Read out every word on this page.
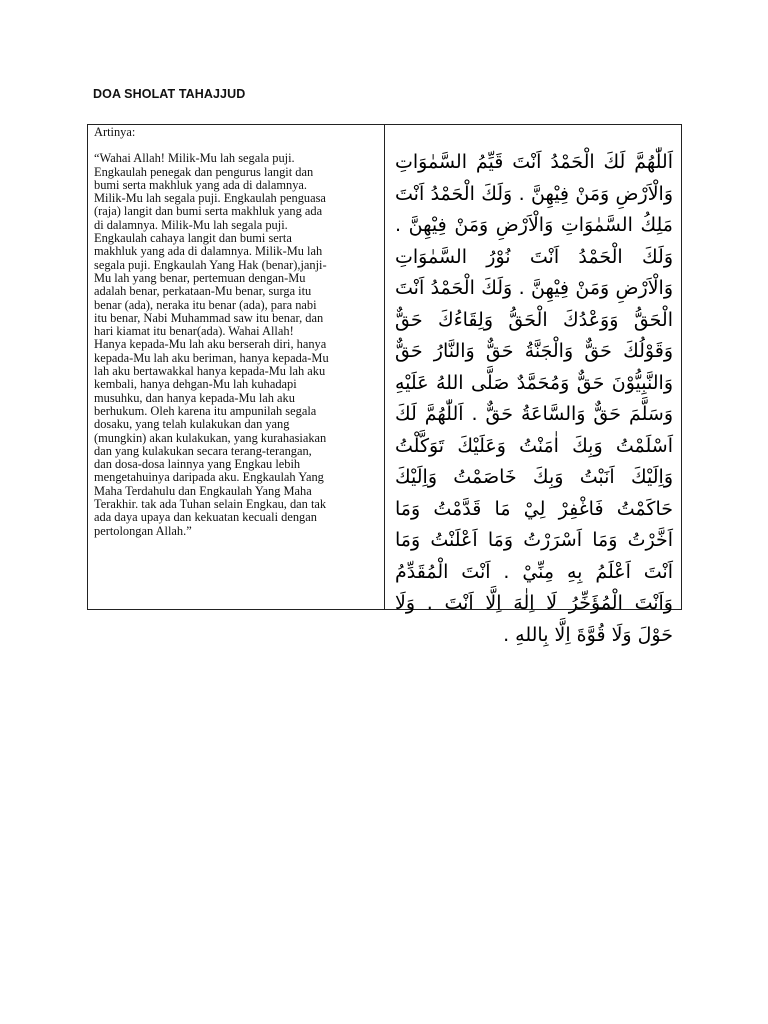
DOA SHOLAT TAHAJJUD
Artinya:
“Wahai Allah! Milik-Mu lah segala puji.
Engkaulah penegak dan pengurus langit dan
bumi serta makhluk yang ada di dalamnya.
Milik-Mu lah segala puji. Engkaulah penguasa
(raja) langit dan bumi serta makhluk yang ada
di dalamnya. Milik-Mu lah segala puji.
Engkaulah cahaya langit dan bumi serta
makhluk yang ada di dalamnya. Milik-Mu lah
segala puji. Engkaulah Yang Hak (benar),janji-
Mu lah yang benar, pertemuan dengan-Mu
adalah benar, perkataan-Mu benar, surga itu
benar (ada), neraka itu benar (ada), para nabi
itu benar, Nabi Muhammad saw itu benar, dan
hari kiamat itu benar(ada). Wahai Allah!
Hanya kepada-Mu lah aku berserah diri, hanya
kepada-Mu lah aku beriman, hanya kepada-Mu
lah aku bertawakkal hanya kepada-Mu lah aku
kembali, hanya dehgan-Mu lah kuhadapi
musuhku, dan hanya kepada-Mu lah aku
berhukum. Oleh karena itu ampunilah segala
dosaku, yang telah kulakukan dan yang
(mungkin) akan kulakukan, yang kurahasiakan
dan yang kulakukan secara terang-terangan,
dan dosa-dosa lainnya yang Engkau lebih
mengetahuinya daripada aku. Engkaulah Yang
Maha Terdahulu dan Engkaulah Yang Maha
Terakhir. tak ada Tuhan selain Engkau, dan tak
ada daya upaya dan kekuatan kecuali dengan
pertolongan Allah.”
اَللّٰهُمَّ لَكَ الْحَمْدُ اَنْتَ قَيِّمُ السَّمٰوَاتِ وَالْاَرْضِ وَمَنْ فِيْهِنَّ . وَلَكَ الْحَمْدُ اَنْتَ مَلِكُ السَّمٰوَاتِ وَالْاَرْضِ وَمَنْ فِيْهِنَّ . وَلَكَ الْحَمْدُ اَنْتَ نُوْرُ السَّمٰوَاتِ وَالْاَرْضِ وَمَنْ فِيْهِنَّ . وَلَكَ الْحَمْدُ اَنْتَ الْحَقُّ وَوَعْدُكَ الْحَقُّ وَلِقَاءُكَ حَقٌّ وَقَوْلُكَ حَقٌّ وَالْجَنَّةُ حَقٌّ وَالنَّارُ حَقٌّ وَالنَّبِيُّوْنَ حَقٌّ وَمُحَمَّدٌ صَلَّى اللهُ عَلَيْهِ وَسَلَّمَ حَقٌّ وَالسَّاعَةُ حَقٌّ . اَللّٰهُمَّ لَكَ اَسْلَمْتُ وَبِكَ اٰمَنْتُ وَعَلَيْكَ تَوَكَّلْتُ وَاِلَيْكَ اَنَبْتُ وَبِكَ خَاصَمْتُ وَاِلَيْكَ حَاكَمْتُ فَاغْفِرْ لِيْ مَا قَدَّمْتُ وَمَا اَخَّرْتُ وَمَا اَسْرَرْتُ وَمَا اَعْلَنْتُ وَمَا اَنْتَ اَعْلَمُ بِهِ مِنِّيْ . اَنْتَ الْمُقَدِّمُ وَاَنْتَ الْمُؤَخِّرُ لَا اِلٰهَ اِلَّا اَنْتَ . وَلَا حَوْلَ وَلَا قُوَّةَ اِلَّا بِاللهِ .
